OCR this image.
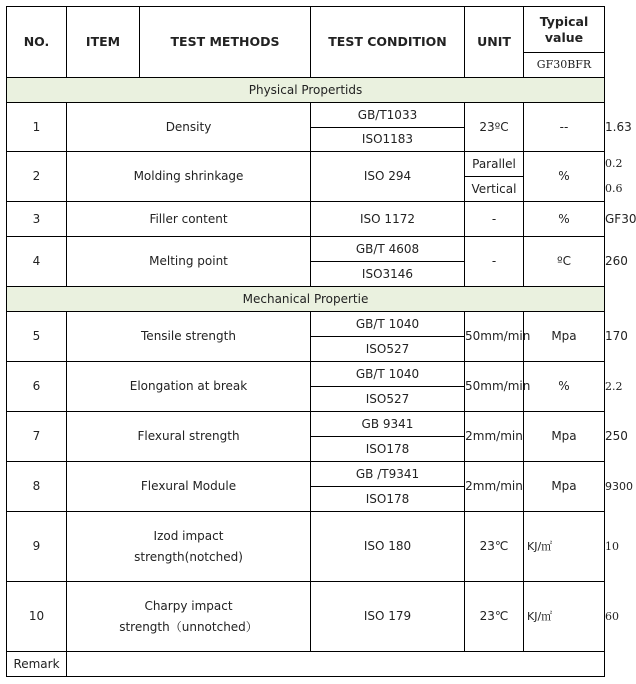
NO.	ITEM	TEST METHODS	TEST CONDITION	UNIT	Typical value	
					GF30BFR	
Physical Propertids						
1	Density		GB/T1033	23ºC	--	1.63
			ISO1183			
2	Molding shrinkage		ISO 294	Parallel	%	0.2
				Vertical		0.6
3	Filler content		ISO 1172	-	%	GF30
4	Melting point		GB/T 4608	-	ºC	260
			ISO3146			
Mechanical Propertie						
5	Tensile strength		GB/T 1040	50mm/min	Mpa	170
			ISO527			
6	Elongation at break		GB/T 1040	50mm/min	%	2.2
			ISO527			
7	Flexural strength		GB 9341	2mm/min	Mpa	250
			ISO178			
8	Flexural Module		GB /T9341	2mm/min	Mpa	9300
			ISO178			
9	Izod impact
strength(notched)		ISO 180	23℃	KJ/㎡	10
10	Charpy impact
strength（unnotched）		ISO 179	23℃	KJ/㎡	60
Remark						
